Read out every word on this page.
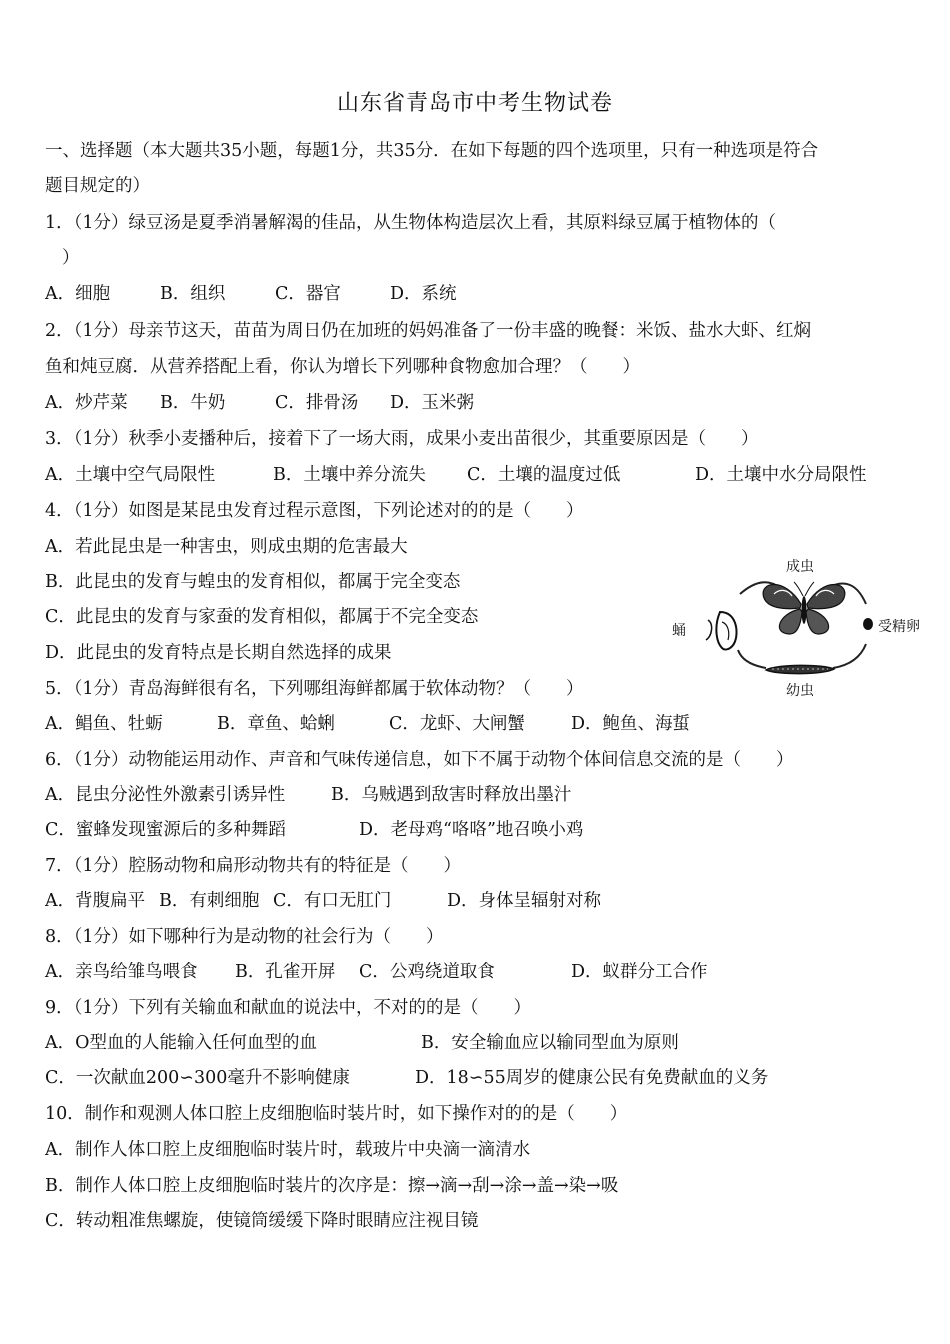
山东省青岛市中考生物试卷
一、选择题（本大题共35小题，每题1分，共35分．在如下每题的四个选项里，只有一种选项是符合
题目规定的）
1．（1分）绿豆汤是夏季消暑解渴的佳品，从生物体构造层次上看，其原料绿豆属于植物体的（
）
A．细胞	B．组织	C．器官	D．系统
2．（1分）母亲节这天，苗苗为周日仍在加班的妈妈准备了一份丰盛的晚餐：米饭、盐水大虾、红焖
鱼和炖豆腐．从营养搭配上看，你认为增长下列哪种食物愈加合理？（　　）
A．炒芹菜 B．牛奶	C．排骨汤 D．玉米粥
3．（1分）秋季小麦播种后，接着下了一场大雨，成果小麦出苗很少，其重要原因是（　　）
A．土壤中空气局限性	B．土壤中养分流失 C．土壤的温度过低	D．土壤中水分局限性
4．（1分）如图是某昆虫发育过程示意图，下列论述对的的是（　　）
A．若此昆虫是一种害虫，则成虫期的危害最大
B．此昆虫的发育与蝗虫的发育相似，都属于完全变态
C．此昆虫的发育与家蚕的发育相似，都属于不完全变态
D．此昆虫的发育特点是长期自然选择的成果
成虫
蛹	受精卵
幼虫
5．（1分）青岛海鲜很有名，下列哪组海鲜都属于软体动物？（　　）
A．鲳鱼、牡蛎	B．章鱼、蛤蜊	C．龙虾、大闸蟹	D．鲍鱼、海蜇
6．（1分）动物能运用动作、声音和气味传递信息，如下不属于动物个体间信息交流的是（　　）
A．昆虫分泌性外激素引诱异性	B．乌贼遇到敌害时释放出墨汁
C．蜜蜂发现蜜源后的多种舞蹈	D．老母鸡“咯咯”地召唤小鸡
7．（1分）腔肠动物和扁形动物共有的特征是（　　）
A．背腹扁平 B．有刺细胞 C．有口无肛门	D．身体呈辐射对称
8．（1分）如下哪种行为是动物的社会行为（　　）
A．亲鸟给雏鸟喂食 B．孔雀开屏 C．公鸡绕道取食	D．蚁群分工合作
9．（1分）下列有关输血和献血的说法中，不对的的是（　　）
A．O型血的人能输入任何血型的血	B．安全输血应以输同型血为原则
C．一次献血200∽300毫升不影响健康	D．18∽55周岁的健康公民有免费献血的义务
10．制作和观测人体口腔上皮细胞临时装片时，如下操作对的的是（　　）
A．制作人体口腔上皮细胞临时装片时，载玻片中央滴一滴清水
B．制作人体口腔上皮细胞临时装片的次序是：擦→滴→刮→涂→盖→染→吸
C．转动粗准焦螺旋，使镜筒缓缓下降时眼睛应注视目镜
